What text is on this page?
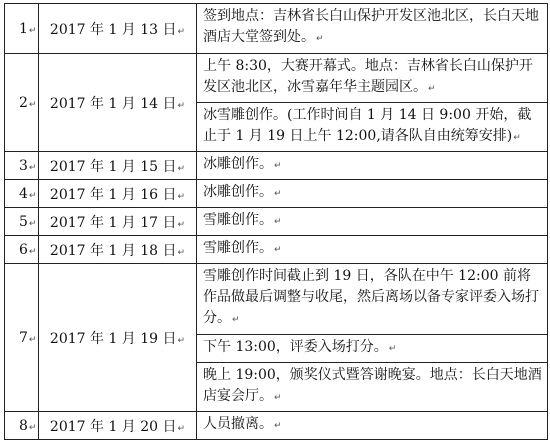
1↵	2017 年 1 月 13 日↵	签到地点：吉林省长白山保护开发区池北区，长白天地酒店大堂签到处。↵
2↵	2017 年 1 月 14 日↵	上午 8:30，大赛开幕式。地点：吉林省长白山保护开发区池北区，冰雪嘉年华主题园区。↵
		冰雪雕创作。(工作时间自 1 月 14 日 9:00 开始，截止于 1 月 19 日上午 12:00,请各队自由统筹安排)↵
3↵	2017 年 1 月 15 日↵	冰雕创作。↵
4↵	2017 年 1 月 16 日↵	冰雕创作。↵
5↵	2017 年 1 月 17 日↵	雪雕创作。↵
6↵	2017 年 1 月 18 日↵	雪雕创作。↵
7↵	2017 年 1 月 19 日↵	雪雕创作时间截止到 19 日，各队在中午 12:00 前将作品做最后调整与收尾，然后离场以备专家评委入场打分。↵
		下午 13:00，评委入场打分。↵
		晚上 19:00，颁奖仪式暨答谢晚宴。地点：长白天地酒店宴会厅。↵
8↵	2017 年 1 月 20 日↵	人员撤离。↵
